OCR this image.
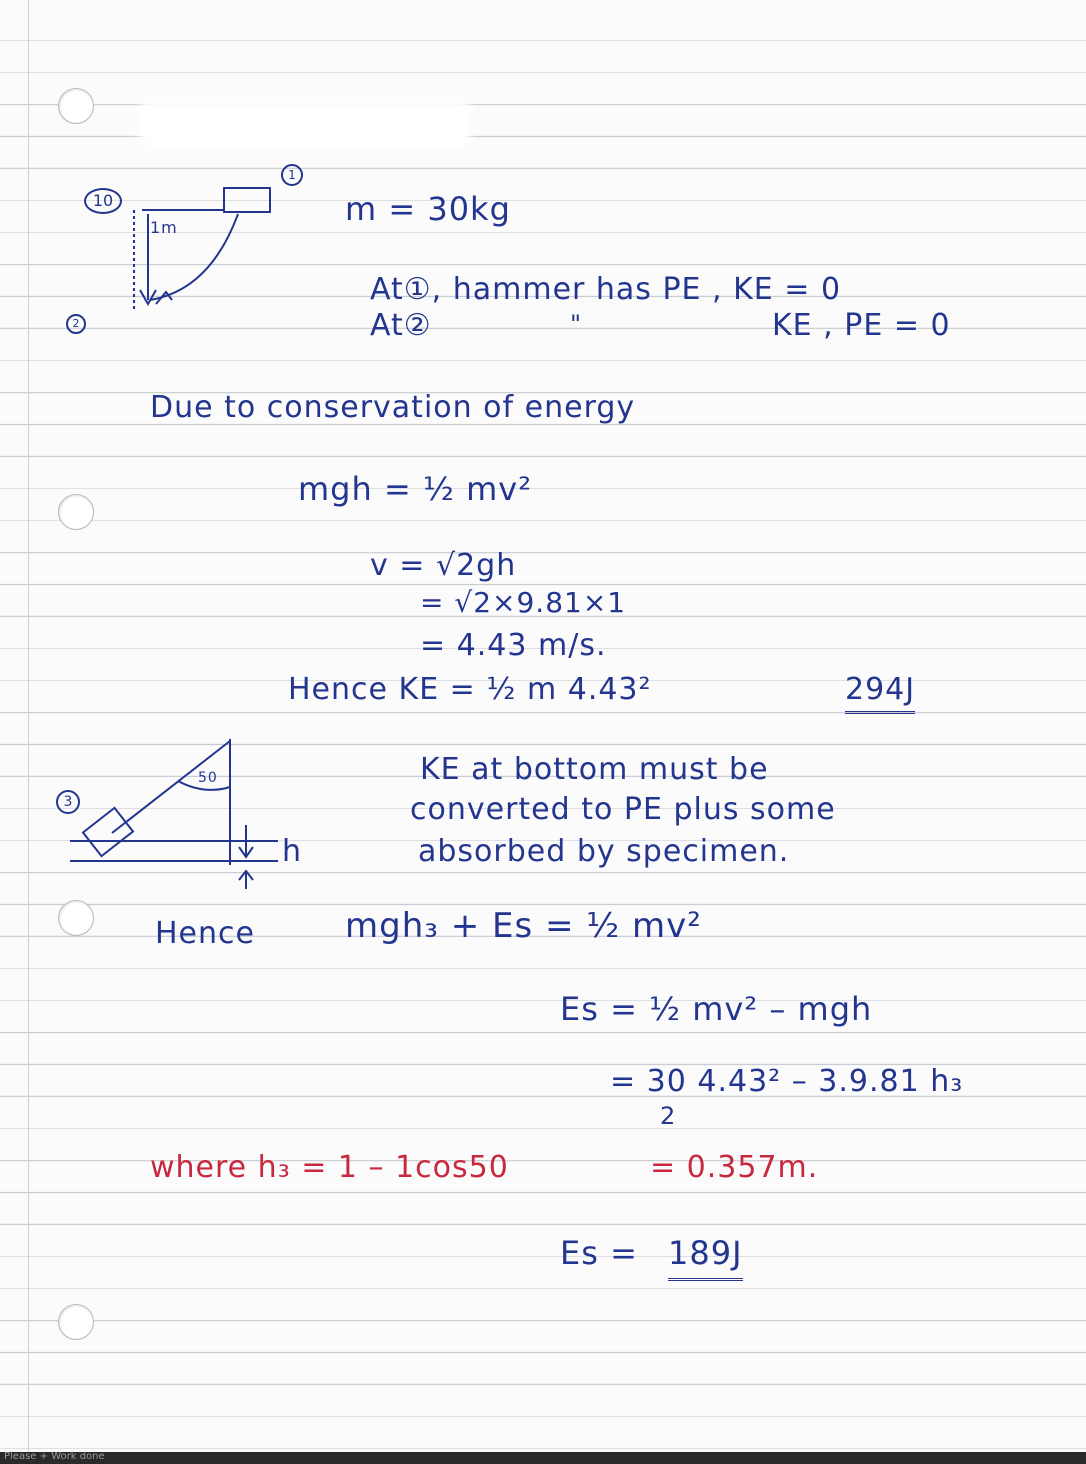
10
1m
1
2
m = 30kg
At①, hammer has PE , KE = 0
At②	"	KE , PE = 0
Due to conservation of energy
mgh = ½ mv²
v = √2gh
= √2×9.81×1
= 4.43 m/s.
Hence KE = ½ m 4.43²	294J
50
h
3
KE at bottom must be
converted to PE plus some
absorbed by specimen.
Hence	mgh₃ + Es = ½ mv²
Es = ½ mv² – mgh
= 30 4.43² – 3.9.81 h₃
2
where h₃ = 1 – 1cos50	= 0.357m.
Es = 189J
Please + Work done
